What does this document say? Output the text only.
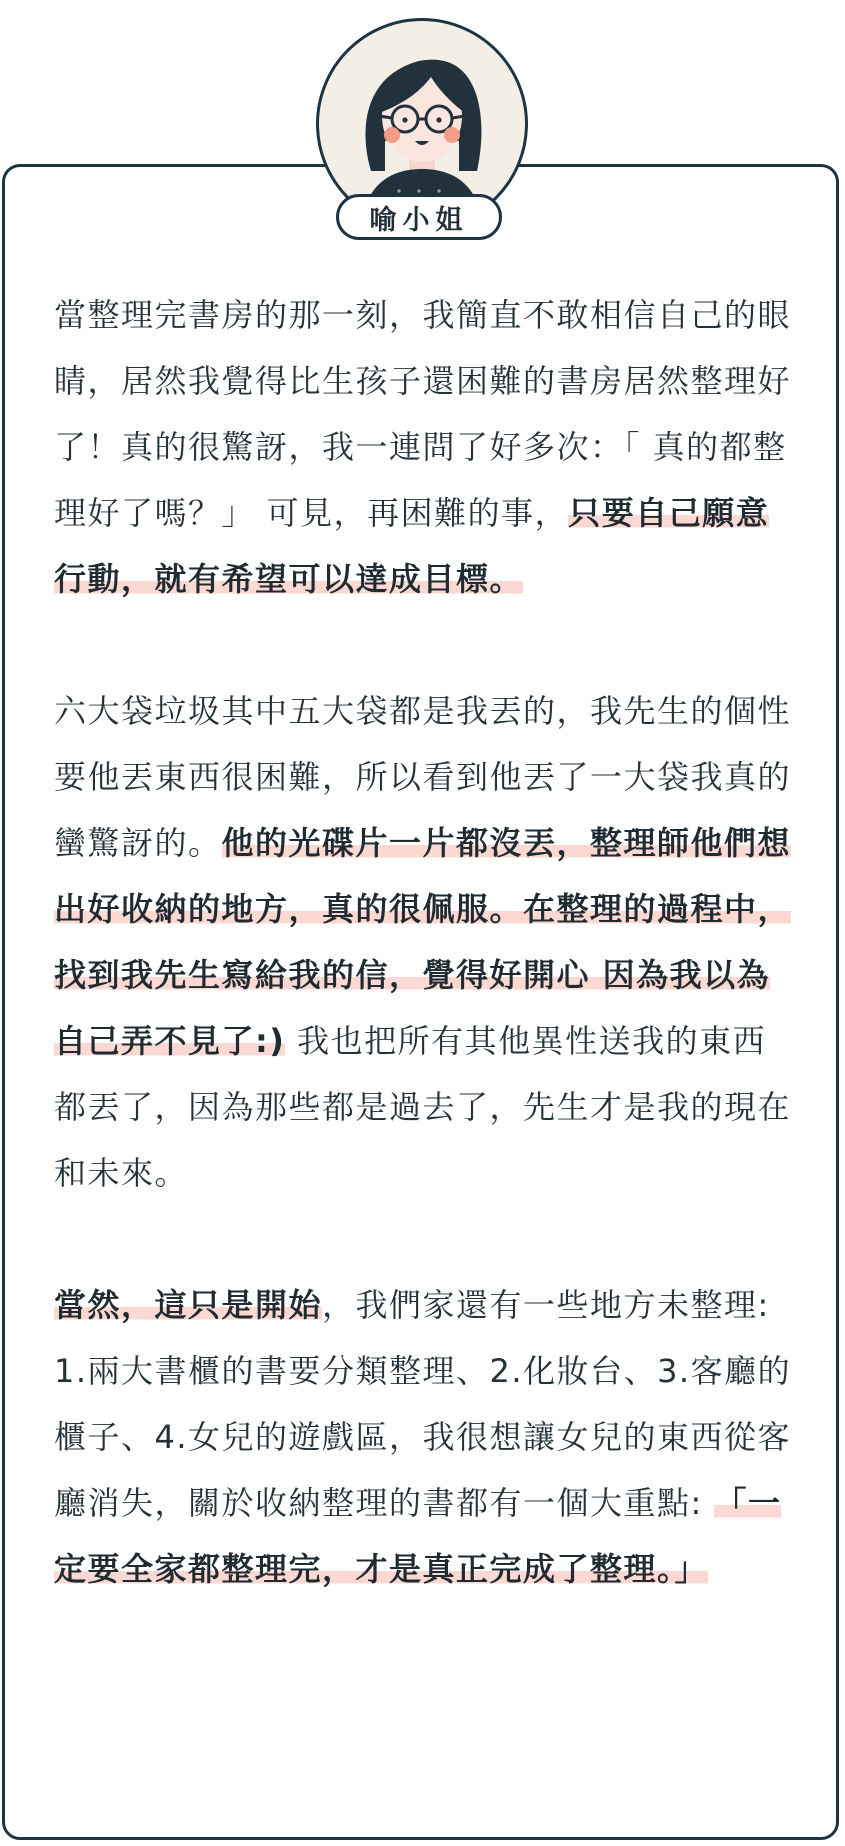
喻小姐

當整理完書房的那一刻，我簡直不敢相信自己的眼睛，居然我覺得比生孩子還困難的書房居然整理好了！真的很驚訝，我一連問了好多次：「 真的都整理好了嗎？」 可見，再困難的事，只要自己願意行動，就有希望可以達成目標。

六大袋垃圾其中五大袋都是我丟的，我先生的個性要他丟東西很困難，所以看到他丟了一大袋我真的蠻驚訝的。他的光碟片一片都沒丟，整理師他們想出好收納的地方，真的很佩服。在整理的過程中，找到我先生寫給我的信，覺得好開心 因為我以為自己弄不見了:) 我也把所有其他異性送我的東西都丟了，因為那些都是過去了，先生才是我的現在和未來。

當然，這只是開始，我們家還有一些地方未整理: 1.兩大書櫃的書要分類整理、2.化妝台、3.客廳的櫃子、4.女兒的遊戲區，我很想讓女兒的東西從客廳消失，關於收納整理的書都有一個大重點: 「一定要全家都整理完，才是真正完成了整理。」
